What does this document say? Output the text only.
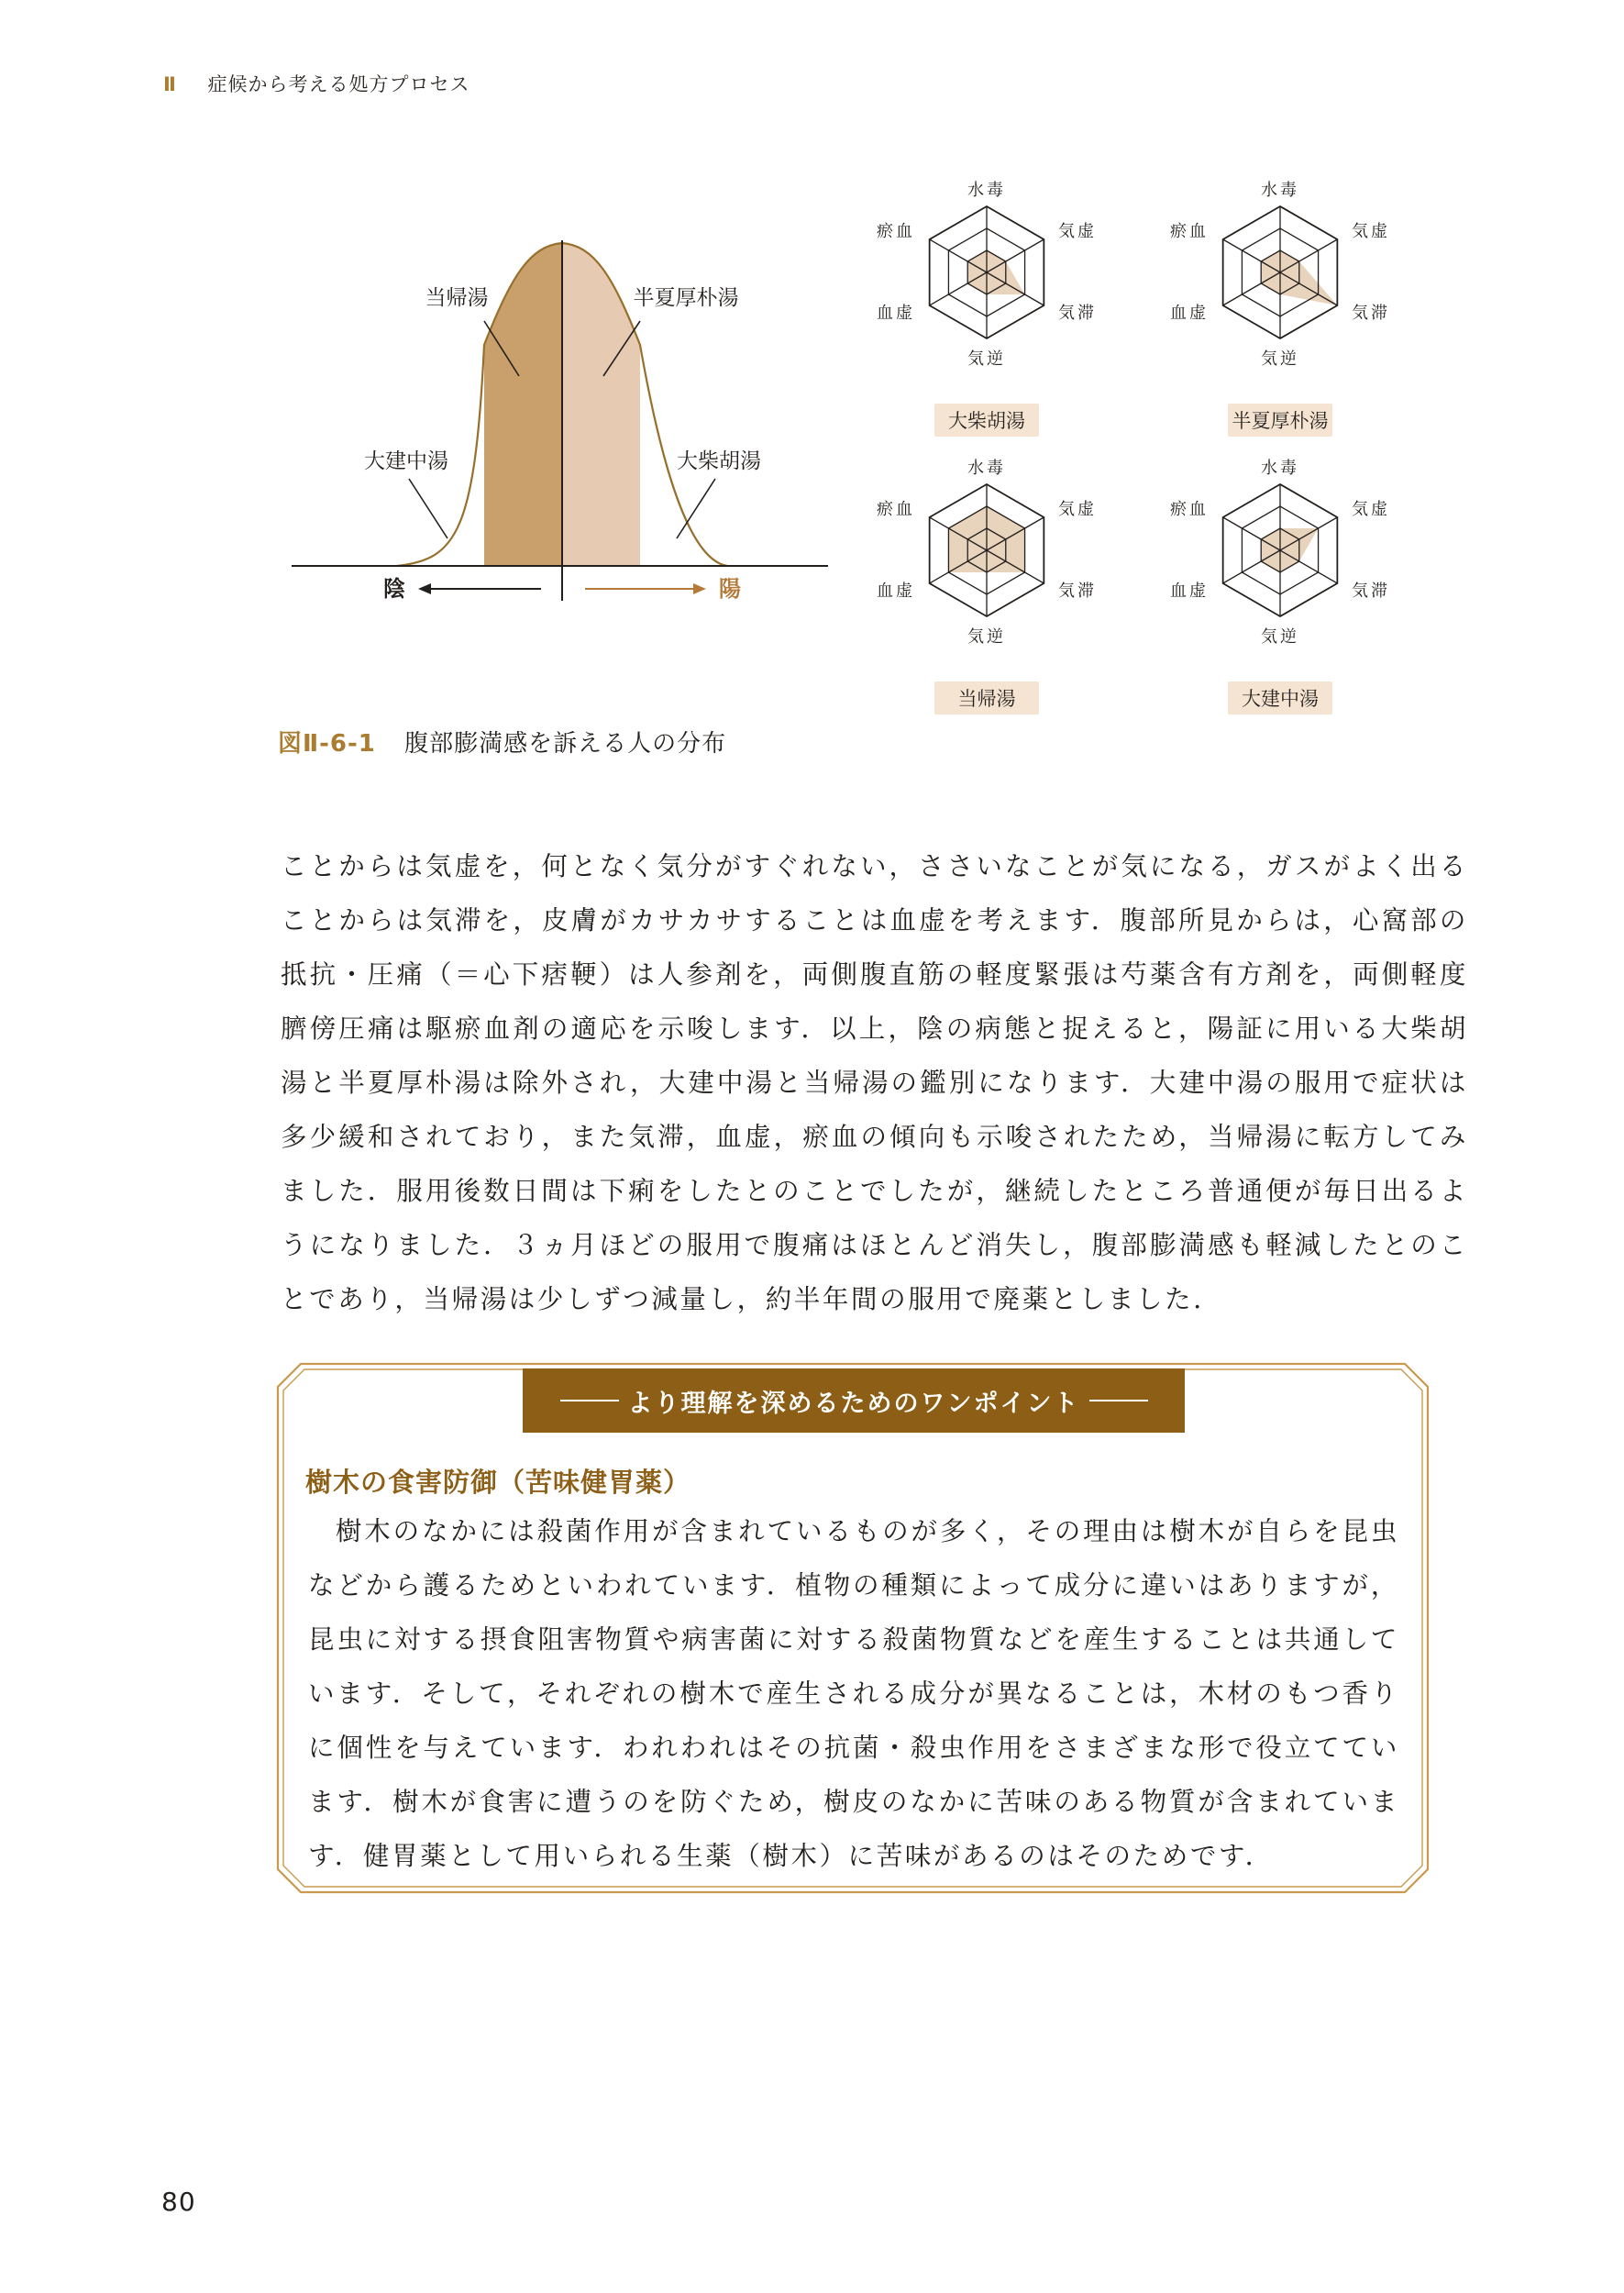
Ⅱ 症候から考える処方プロセス
当帰湯	半夏厚朴湯
大建中湯	大柴胡湯
陰	陽
水毒
気虚
気滞
気逆
血虚
瘀血
大柴胡湯
水毒
気虚
気滞
気逆
血虚
瘀血
半夏厚朴湯
水毒
気虚
気滞
気逆
血虚
瘀血
当帰湯
水毒
気虚
気滞
気逆
血虚
瘀血
大建中湯
図Ⅱ-6-1 腹部膨満感を訴える人の分布

ことからは気虚を，何となく気分がすぐれない，ささいなことが気になる，ガスがよく出ることからは気滞を，皮膚がカサカサすることは血虚を考えます．腹部所見からは，心窩部の抵抗・圧痛（＝心下痞鞕）は人参剤を，両側腹直筋の軽度緊張は芍薬含有方剤を，両側軽度臍傍圧痛は駆瘀血剤の適応を示唆します．以上，陰の病態と捉えると，陽証に用いる大柴胡湯と半夏厚朴湯は除外され，大建中湯と当帰湯の鑑別になります．大建中湯の服用で症状は多少緩和されており，また気滞，血虚，瘀血の傾向も示唆されたため，当帰湯に転方してみました．服用後数日間は下痢をしたとのことでしたが，継続したところ普通便が毎日出るようになりました．３ヵ月ほどの服用で腹痛はほとんど消失し，腹部膨満感も軽減したとのことであり，当帰湯は少しずつ減量し，約半年間の服用で廃薬としました．

より理解を深めるためのワンポイント
樹木の食害防御（苦味健胃薬）

樹木のなかには殺菌作用が含まれているものが多く，その理由は樹木が自らを昆虫などから護るためといわれています．植物の種類によって成分に違いはありますが，昆虫に対する摂食阻害物質や病害菌に対する殺菌物質などを産生することは共通しています．そして，それぞれの樹木で産生される成分が異なることは，木材のもつ香りに個性を与えています．われわれはその抗菌・殺虫作用をさまざまな形で役立てています．樹木が食害に遭うのを防ぐため，樹皮のなかに苦味のある物質が含まれています．健胃薬として用いられる生薬（樹木）に苦味があるのはそのためです．

80
